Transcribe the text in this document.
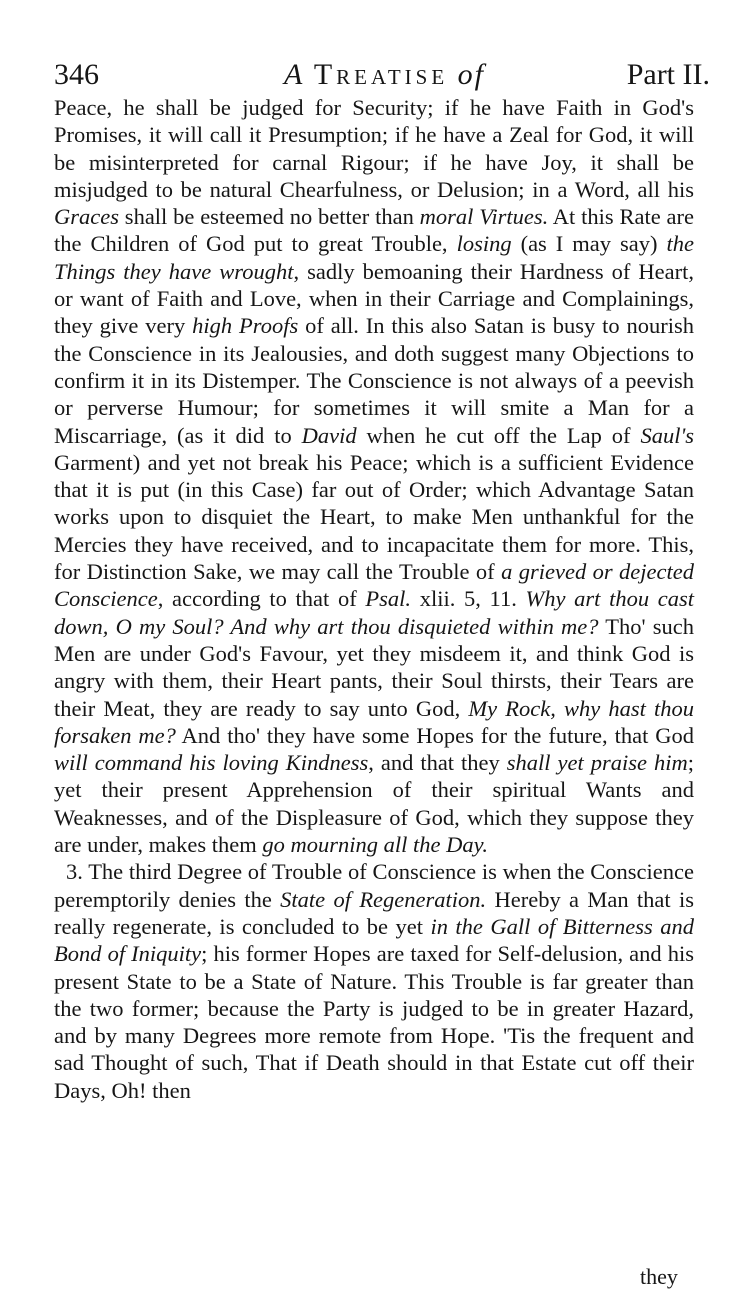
346	A Treatise of	Part II.

Peace, he shall be judged for Security; if he have Faith in God's Promises, it will call it Presumption; if he have a Zeal for God, it will be misinterpreted for carnal Rigour; if he have Joy, it shall be misjudged to be natural Chearfulness, or Delusion; in a Word, all his Graces shall be esteemed no better than moral Virtues. At this Rate are the Children of God put to great Trouble, losing (as I may say) the Things they have wrought, sadly bemoaning their Hardness of Heart, or want of Faith and Love, when in their Carriage and Complainings, they give very high Proofs of all. In this also Satan is busy to nourish the Conscience in its Jealousies, and doth suggest many Objections to confirm it in its Distemper. The Conscience is not always of a peevish or perverse Humour; for sometimes it will smite a Man for a Miscarriage, (as it did to David when he cut off the Lap of Saul's Garment) and yet not break his Peace; which is a sufficient Evidence that it is put (in this Case) far out of Order; which Advantage Satan works upon to disquiet the Heart, to make Men unthankful for the Mercies they have received, and to incapacitate them for more. This, for Distinction Sake, we may call the Trouble of a grieved or dejected Conscience, according to that of Psal. xlii. 5, 11. Why art thou cast down, O my Soul? And why art thou disquieted within me? Tho' such Men are under God's Favour, yet they misdeem it, and think God is angry with them, their Heart pants, their Soul thirsts, their Tears are their Meat, they are ready to say unto God, My Rock, why hast thou forsaken me? And tho' they have some Hopes for the future, that God will command his loving Kindness, and that they shall yet praise him; yet their present Apprehension of their spiritual Wants and Weaknesses, and of the Displeasure of God, which they suppose they are under, makes them go mourning all the Day.

3. The third Degree of Trouble of Conscience is when the Conscience peremptorily denies the State of Regeneration. Hereby a Man that is really regenerate, is concluded to be yet in the Gall of Bitterness and Bond of Iniquity; his former Hopes are taxed for Self-delusion, and his present State to be a State of Nature. This Trouble is far greater than the two former; because the Party is judged to be in greater Hazard, and by many Degrees more remote from Hope. 'Tis the frequent and sad Thought of such, That if Death should in that Estate cut off their Days, Oh! then

they
